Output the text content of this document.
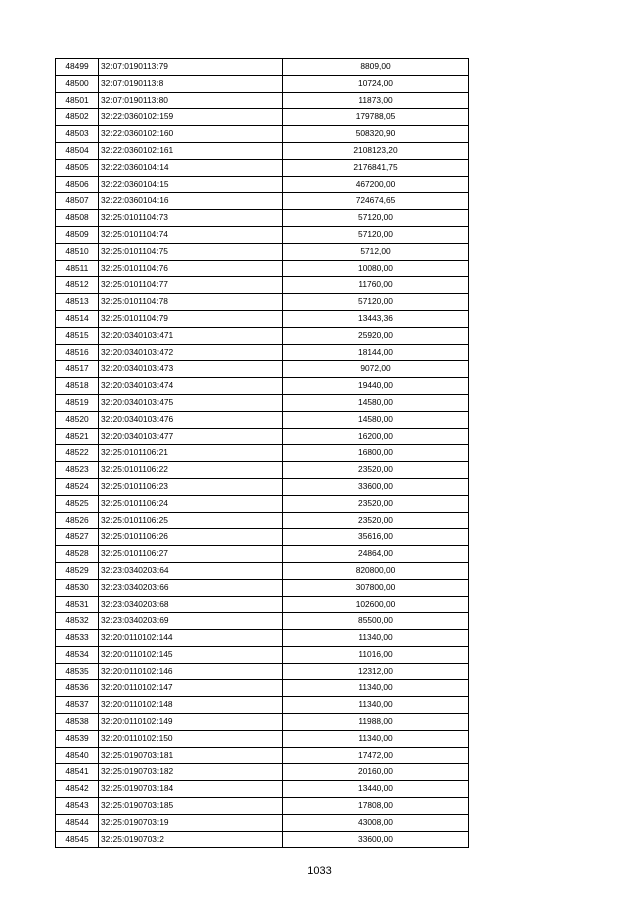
48499	32:07:0190113:79	8809,00
48500	32:07:0190113:8	10724,00
48501	32:07:0190113:80	11873,00
48502	32:22:0360102:159	179788,05
48503	32:22:0360102:160	508320,90
48504	32:22:0360102:161	2108123,20
48505	32:22:0360104:14	2176841,75
48506	32:22:0360104:15	467200,00
48507	32:22:0360104:16	724674,65
48508	32:25:0101104:73	57120,00
48509	32:25:0101104:74	57120,00
48510	32:25:0101104:75	5712,00
48511	32:25:0101104:76	10080,00
48512	32:25:0101104:77	11760,00
48513	32:25:0101104:78	57120,00
48514	32:25:0101104:79	13443,36
48515	32:20:0340103:471	25920,00
48516	32:20:0340103:472	18144,00
48517	32:20:0340103:473	9072,00
48518	32:20:0340103:474	19440,00
48519	32:20:0340103:475	14580,00
48520	32:20:0340103:476	14580,00
48521	32:20:0340103:477	16200,00
48522	32:25:0101106:21	16800,00
48523	32:25:0101106:22	23520,00
48524	32:25:0101106:23	33600,00
48525	32:25:0101106:24	23520,00
48526	32:25:0101106:25	23520,00
48527	32:25:0101106:26	35616,00
48528	32:25:0101106:27	24864,00
48529	32:23:0340203:64	820800,00
48530	32:23:0340203:66	307800,00
48531	32:23:0340203:68	102600,00
48532	32:23:0340203:69	85500,00
48533	32:20:0110102:144	11340,00
48534	32:20:0110102:145	11016,00
48535	32:20:0110102:146	12312,00
48536	32:20:0110102:147	11340,00
48537	32:20:0110102:148	11340,00
48538	32:20:0110102:149	11988,00
48539	32:20:0110102:150	11340,00
48540	32:25:0190703:181	17472,00
48541	32:25:0190703:182	20160,00
48542	32:25:0190703:184	13440,00
48543	32:25:0190703:185	17808,00
48544	32:25:0190703:19	43008,00
48545	32:25:0190703:2	33600,00
1033
